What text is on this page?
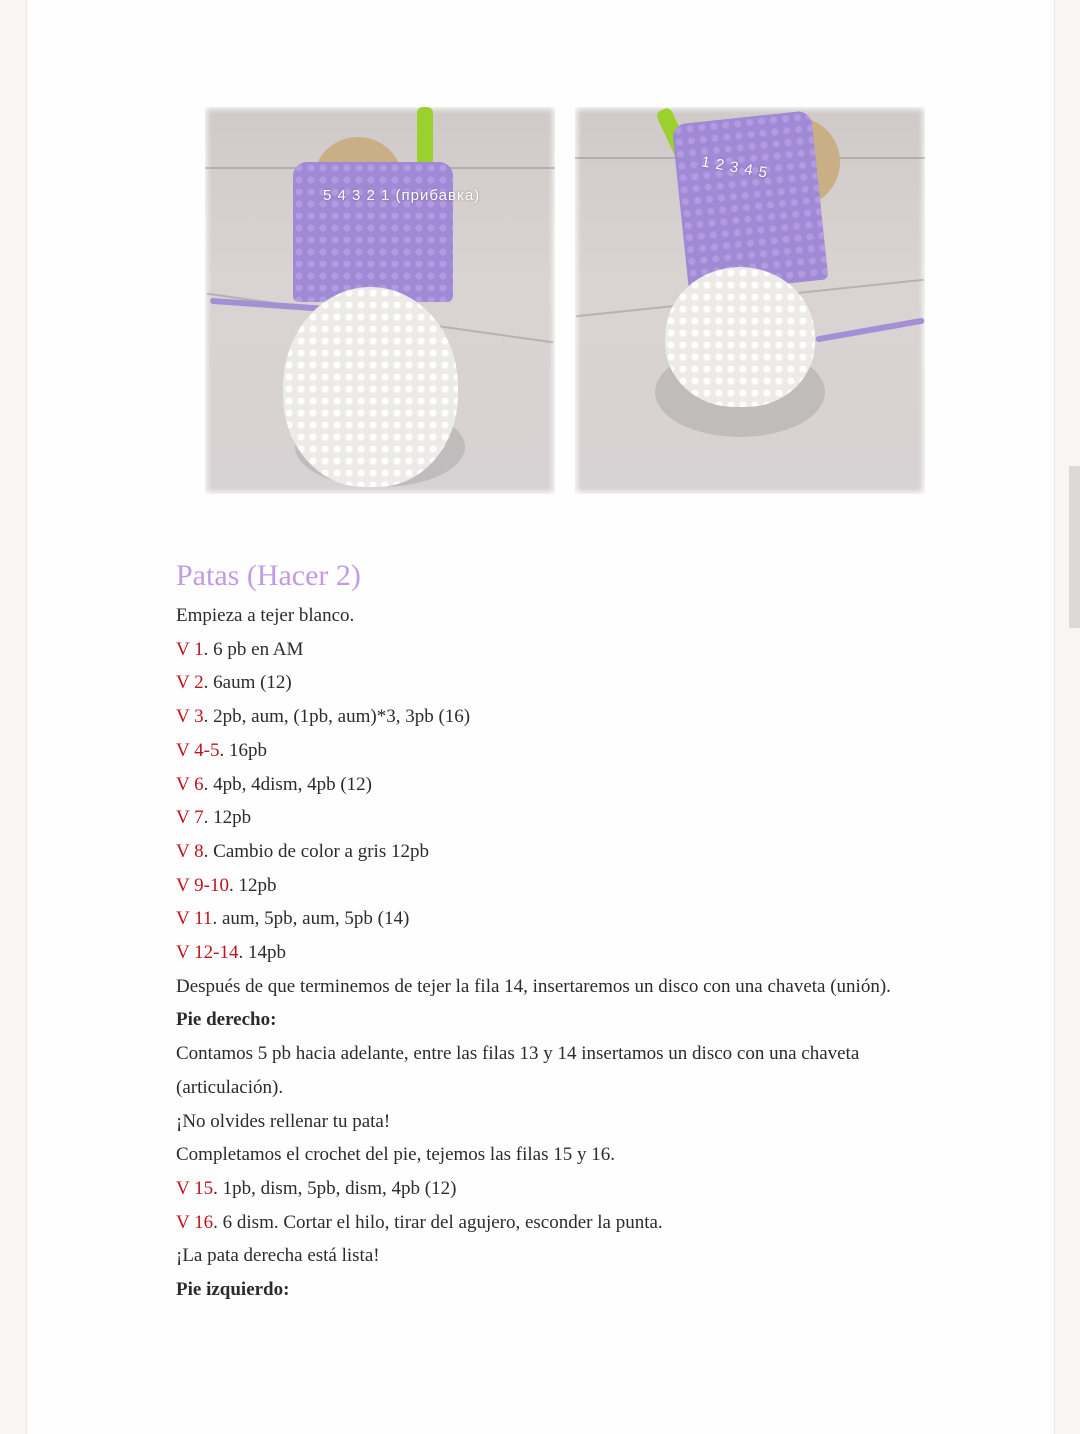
5 4 3 2 1 (прибавка)
1 2 3 4 5
Patas (Hacer 2)

Empieza a tejer blanco.

V 1. 6 pb en AM

V 2. 6aum (12)

V 3. 2pb, aum, (1pb, aum)*3, 3pb (16)

V 4-5. 16pb

V 6. 4pb, 4dism, 4pb (12)

V 7. 12pb

V 8. Cambio de color a gris 12pb

V 9-10. 12pb

V 11. aum, 5pb, aum, 5pb (14)

V 12-14. 14pb

Después de que terminemos de tejer la fila 14, insertaremos un disco con una chaveta (unión).

Pie derecho:

Contamos 5 pb hacia adelante, entre las filas 13 y 14 insertamos un disco con una chaveta (articulación).

¡No olvides rellenar tu pata!

Completamos el crochet del pie, tejemos las filas 15 y 16.

V 15. 1pb, dism, 5pb, dism, 4pb (12)

V 16. 6 dism. Cortar el hilo, tirar del agujero, esconder la punta.

¡La pata derecha está lista!

Pie izquierdo:
